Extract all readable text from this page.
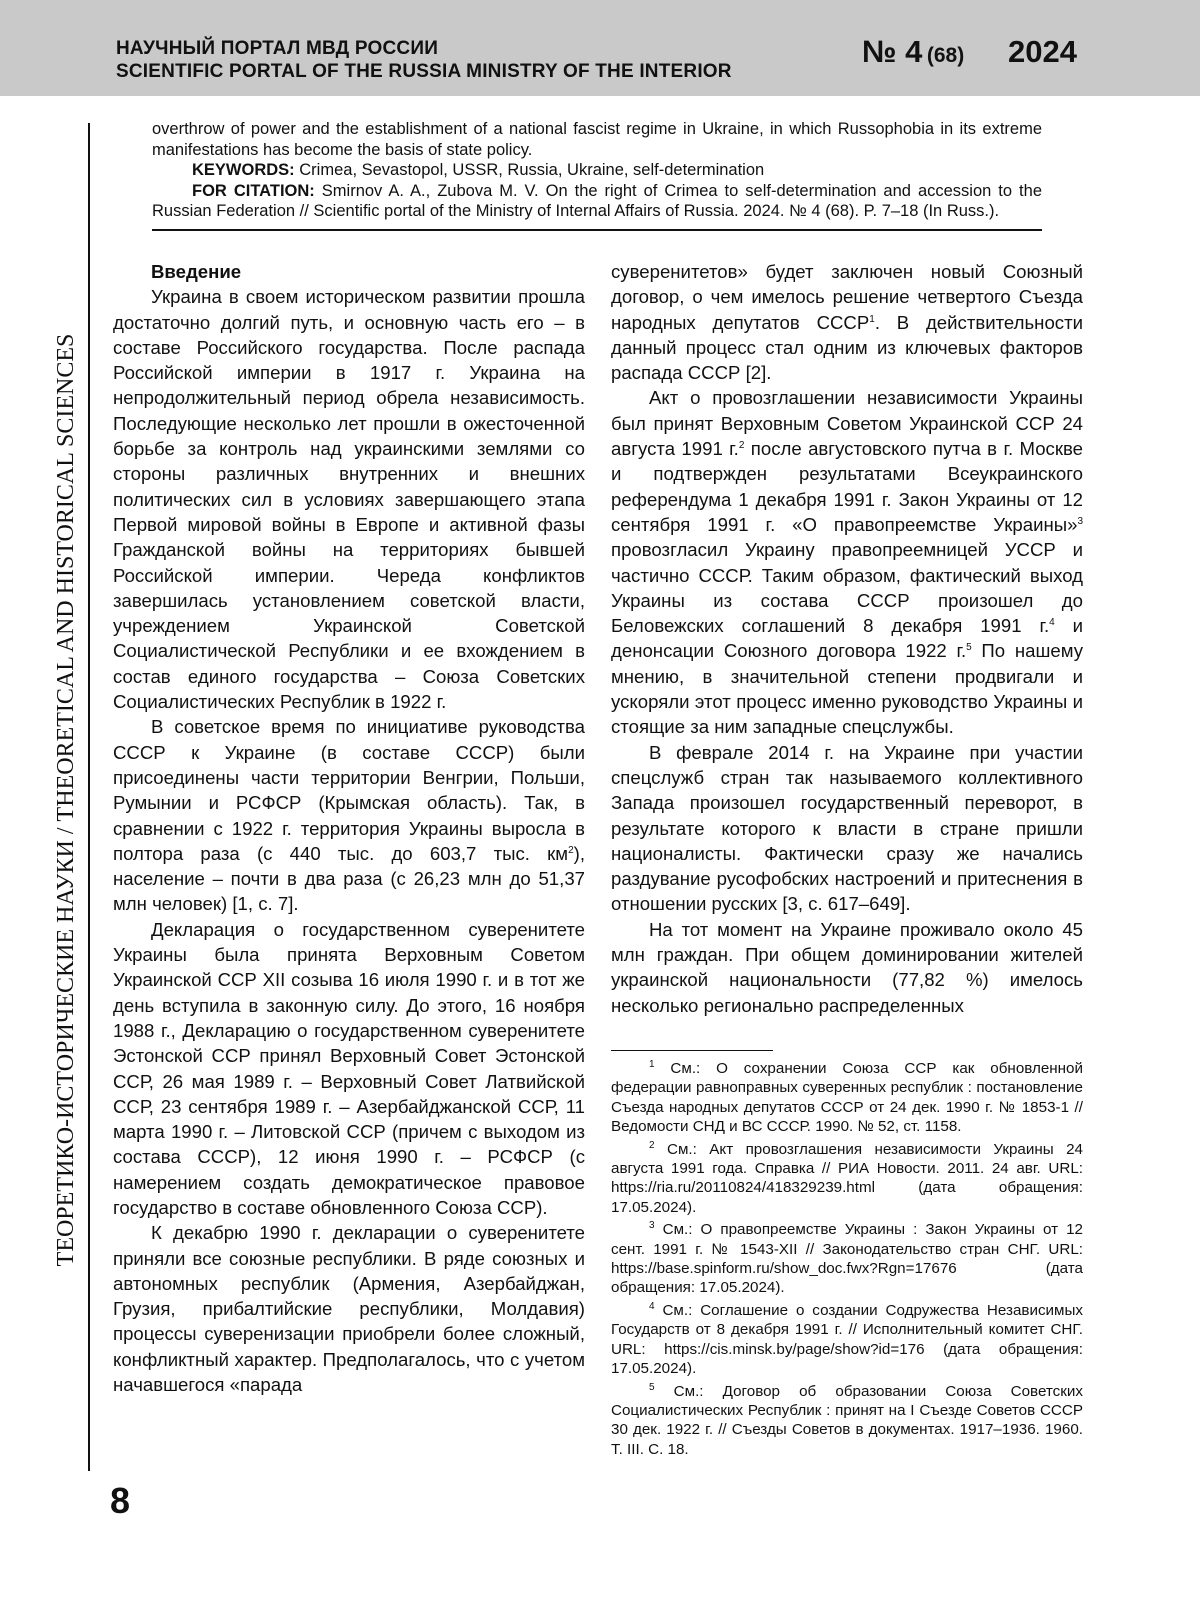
НАУЧНЫЙ ПОРТАЛ МВД РОССИИ
SCIENTIFIC PORTAL OF THE RUSSIA MINISTRY OF THE INTERIOR
№ 4 (68) 2024
ТЕОРЕТИКО-ИСТОРИЧЕСКИЕ НАУКИ / THEORETICAL AND HISTORICAL SCIENCES

overthrow of power and the establishment of a national fascist regime in Ukraine, in which Russophobia in its extreme manifestations has become the basis of state policy.

KEYWORDS: Crimea, Sevastopol, USSR, Russia, Ukraine, self-determination

FOR CITATION: Smirnov A. A., Zubova M. V. On the right of Crimea to self-determination and accession to the Russian Federation // Scientific portal of the Ministry of Internal Affairs of Russia. 2024. № 4 (68). P. 7–18 (In Russ.).

Введение

Украина в своем историческом развитии прошла достаточно долгий путь, и основную часть его – в составе Российского государства. После распада Российской империи в 1917 г. Украина на непродолжительный период обрела независимость. Последующие несколько лет прошли в ожесточенной борьбе за контроль над украинскими землями со стороны различных внутренних и внешних политических сил в условиях завершающего этапа Первой мировой войны в Европе и активной фазы Гражданской войны на территориях бывшей Российской империи. Череда конфликтов завершилась установлением советской власти, учреждением Украинской Советской Социалистической Республики и ее вхождением в состав единого государства – Союза Советских Социалистических Республик в 1922 г.

В советское время по инициативе руководства СССР к Украине (в составе СССР) были присоединены части территории Венгрии, Польши, Румынии и РСФСР (Крымская область). Так, в сравнении с 1922 г. территория Украины выросла в полтора раза (с 440 тыс. до 603,7 тыс. $км^2$), население – почти в два раза (с 26,23 млн до 51,37 млн человек) [1, с. 7].

Декларация о государственном суверенитете Украины была принята Верховным Советом Украинской ССР XII созыва 16 июля 1990 г. и в тот же день вступила в законную силу. До этого, 16 ноября 1988 г., Декларацию о государственном суверенитете Эстонской ССР принял Верховный Совет Эстонской ССР, 26 мая 1989 г. – Верховный Совет Латвийской ССР, 23 сентября 1989 г. – Азербайджанской ССР, 11 марта 1990 г. – Литовской ССР (причем с выходом из состава СССР), 12 июня 1990 г. – РСФСР (с намерением создать демократическое правовое государство в составе обновленного Союза ССР).

К декабрю 1990 г. декларации о суверенитете приняли все союзные республики. В ряде союзных и автономных республик (Армения, Азербайджан, Грузия, прибалтийские республики, Молдавия) процессы суверенизации приобрели более сложный, конфликтный характер. Предполагалось, что с учетом начавшегося «парада

суверенитетов» будет заключен новый Союзный договор, о чем имелось решение четвертого Съезда народных депутатов СССР$^1$. В действительности данный процесс стал одним из ключевых факторов распада СССР [2].

Акт о провозглашении независимости Украины был принят Верховным Советом Украинской ССР 24 августа 1991 г.$^2$ после августовского путча в г. Москве и подтвержден результатами Всеукраинского референдума 1 декабря 1991 г. Закон Украины от 12 сентября 1991 г. «О правопреемстве Украины»$^3$ провозгласил Украину правопреемницей УССР и частично СССР. Таким образом, фактический выход Украины из состава СССР произошел до Беловежских соглашений 8 декабря 1991 г.$^4$ и денонсации Союзного договора 1922 г.$^5$ По нашему мнению, в значительной степени продвигали и ускоряли этот процесс именно руководство Украины и стоящие за ним западные спецслужбы.

В феврале 2014 г. на Украине при участии спецслужб стран так называемого коллективного Запада произошел государственный переворот, в результате которого к власти в стране пришли националисты. Фактически сразу же начались раздувание русофобских настроений и притеснения в отношении русских [3, с. 617–649].

На тот момент на Украине проживало около 45 млн граждан. При общем доминировании жителей украинской национальности (77,82 %) имелось несколько регионально распределенных

$^1$ См.: О сохранении Союза ССР как обновленной федерации равноправных суверенных республик : постановление Съезда народных депутатов СССР от 24 дек. 1990 г. № 1853-1 // Ведомости СНД и ВС СССР. 1990. № 52, ст. 1158.

$^2$ См.: Акт провозглашения независимости Украины 24 августа 1991 года. Справка // РИА Новости. 2011. 24 авг. URL: https://ria.ru/20110824/418329239.html (дата обращения: 17.05.2024).

$^3$ См.: О правопреемстве Украины : Закон Украины от 12 сент. 1991 г. № 1543-XII // Законодательство стран СНГ. URL: https://base.spinform.ru/show_doc.fwx?Rgn=17676 (дата обращения: 17.05.2024).

$^4$ См.: Соглашение о создании Содружества Независимых Государств от 8 декабря 1991 г. // Исполнительный комитет СНГ. URL: https://cis.minsk.by/page/show?id=176 (дата обращения: 17.05.2024).

$^5$ См.: Договор об образовании Союза Советских Социалистических Республик : принят на I Съезде Советов СССР 30 дек. 1922 г. // Съезды Советов в документах. 1917–1936. 1960. Т. III. С. 18.

8
